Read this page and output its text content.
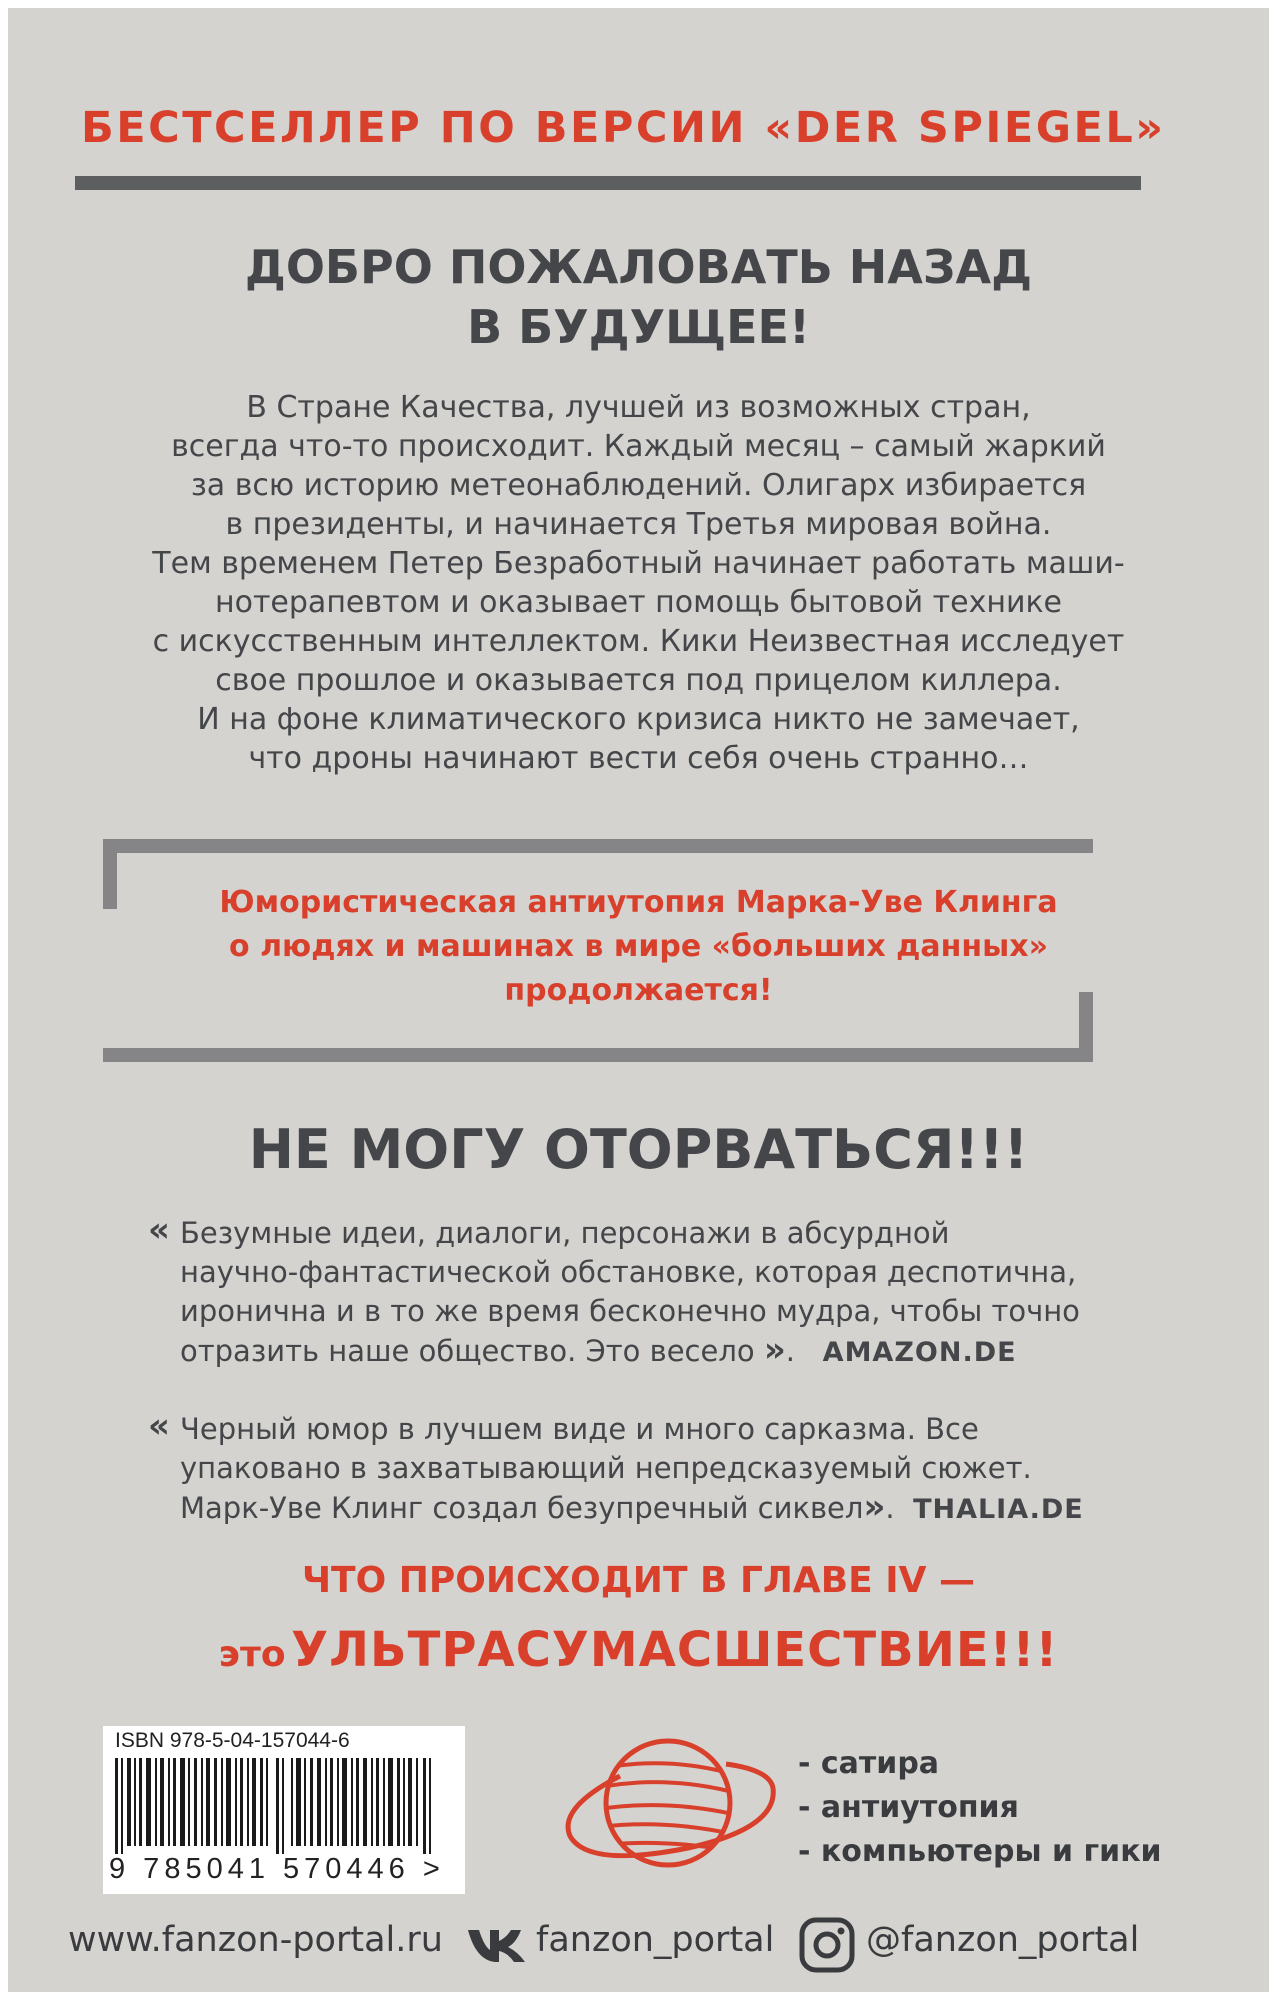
БЕСТСЕЛЛЕР ПО ВЕРСИИ «DER SPIEGEL»
ДОБРО ПОЖАЛОВАТЬ НАЗАД
В БУДУЩЕЕ!
В Стране Качества, лучшей из возможных стран,
всегда что-то происходит. Каждый месяц – самый жаркий
за всю историю метеонаблюдений. Олигарх избирается
в президенты, и начинается Третья мировая война.
Тем временем Петер Безработный начинает работать маши-
нотерапевтом и оказывает помощь бытовой технике
с искусственным интеллектом. Кики Неизвестная исследует
свое прошлое и оказывается под прицелом киллера.
И на фоне климатического кризиса никто не замечает,
что дроны начинают вести себя очень странно…
Юмористическая антиутопия Марка-Уве Клинга
о людях и машинах в мире «больших данных»
продолжается!
НЕ МОГУ ОТОРВАТЬСЯ!!!
« Безумные идеи, диалоги, персонажи в абсурдной
научно-фантастической обстановке, которая деспотична,
иронична и в то же время бесконечно мудра, чтобы точно
отразить наше общество. Это весело ». AMAZON.DE
« Черный юмор в лучшем виде и много сарказма. Все
упаковано в захватывающий непредсказуемый сюжет.
Марк-Уве Клинг создал безупречный сиквел». THALIA.DE
ЧТО ПРОИСХОДИТ В ГЛАВЕ IV —
это УЛЬТРАСУМАСШЕСТВИЕ!!!
ISBN 978-5-04-157044-6
9 785041 570446 >
- сатира
- антиутопия
- компьютеры и гики
www.fanzon-portal.ru	fanzon_portal	@fanzon_portal
